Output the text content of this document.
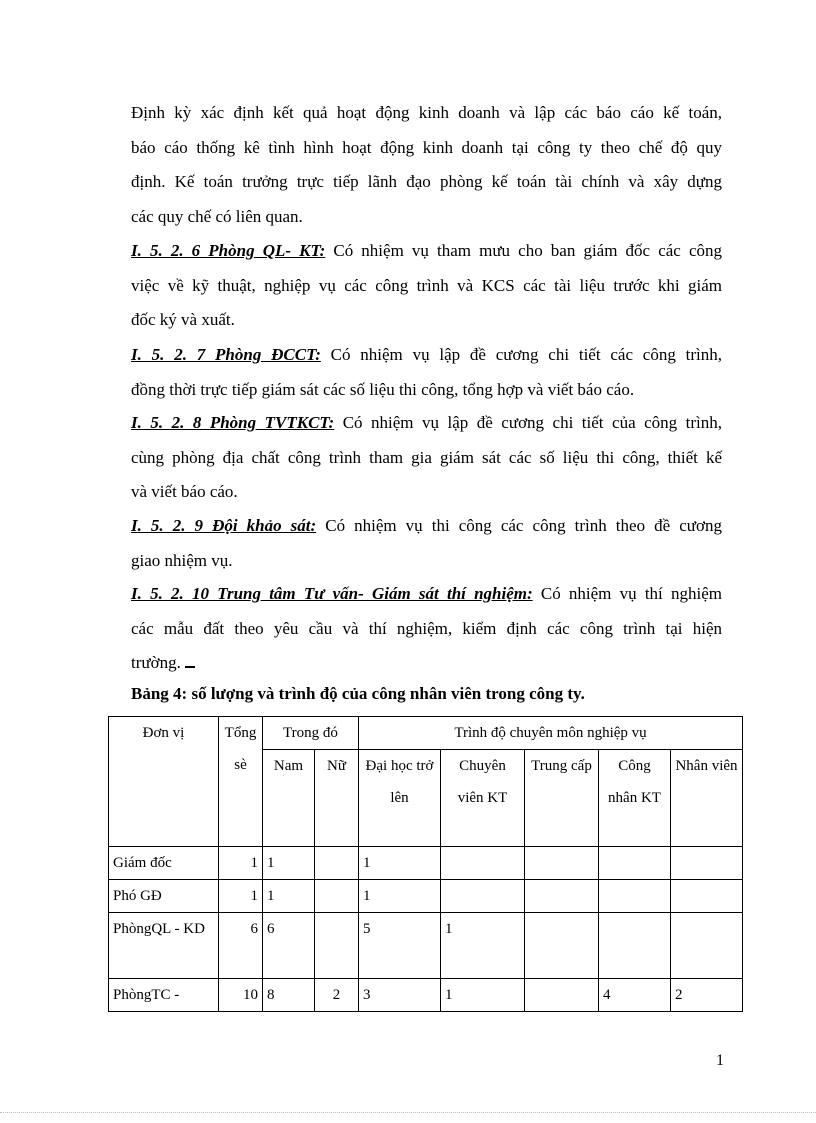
Định kỳ xác định kết quả hoạt động kinh doanh và lập các báo cáo kế toán,
báo cáo thống kê tình hình hoạt động kinh doanh tại công ty theo chế độ quy
định. Kế toán trưởng trực tiếp lãnh đạo phòng kế toán tài chính và xây dựng
các quy chế có liên quan.
I. 5. 2. 6 Phòng QL- KT: Có nhiệm vụ tham mưu cho ban giám đốc các công
việc về kỹ thuật, nghiệp vụ các công trình và KCS các tài liệu trước khi giám
đốc ký và xuất.
I. 5. 2. 7 Phòng ĐCCT: Có nhiệm vụ lập đề cương chi tiết các công trình,
đồng thời trực tiếp giám sát các số liệu thi công, tổng hợp và viết báo cáo.
I. 5. 2. 8 Phòng TVTKCT: Có nhiệm vụ lập đề cương chi tiết của công trình,
cùng phòng địa chất công trình tham gia giám sát các số liệu thi công, thiết kế
và viết báo cáo.
I. 5. 2. 9 Đội khảo sát: Có nhiệm vụ thi công các công trình theo đề cương
giao nhiệm vụ.
I. 5. 2. 10 Trung tâm Tư vấn- Giám sát thí nghiệm: Có nhiệm vụ thí nghiệm
các mẫu đất theo yêu cầu và thí nghiệm, kiểm định các công trình tại hiện
trường.
Bảng 4: số lượng và trình độ của công nhân viên trong công ty.
Đơn vị	Tổng sè	Trong đó		Trình độ chuyên môn nghiệp vụ				
		Nam	Nữ	Đại học trở lên	Chuyên viên KT	Trung cấp	Công nhân KT	Nhân viên
Giám đốc	1	1		1				
Phó GĐ	1	1		1				
PhòngQL - KD	6	6		5	1			
PhòngTC -	10	8	2	3	1		4	2
1
